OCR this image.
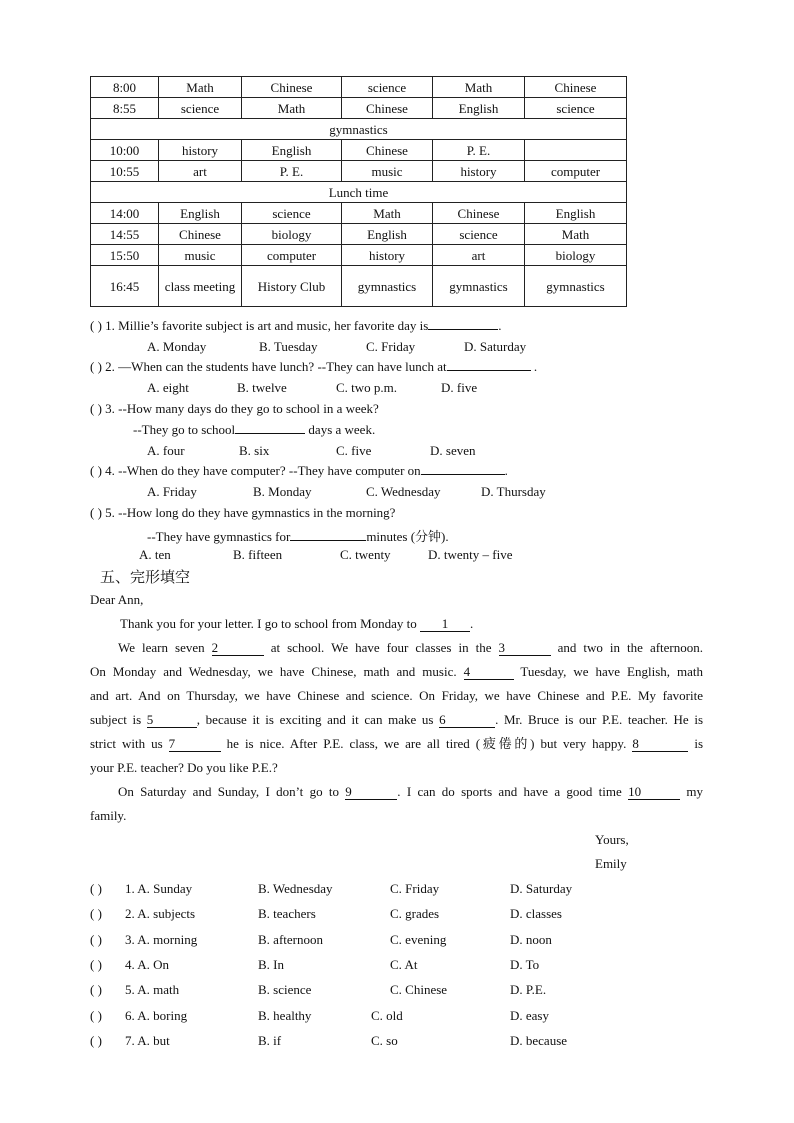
8:00	Math	Chinese	science	Math	Chinese
8:55	science	Math	Chinese	English	science
gymnastics					
10:00	history	English	Chinese	P. E.	
10:55	art	P. E.	music	history	computer
Lunch time					
14:00	English	science	Math	Chinese	English
14:55	Chinese	biology	English	science	Math
15:50	music	computer	history	art	biology
16:45	class meeting	History Club	gymnastics	gymnastics	gymnastics
( ) 1. Millie’s favorite subject is art and music, her favorite day is	.
A. Monday	B. Tuesday	C. Friday	D. Saturday
( ) 2. —When can the students have lunch? --They can have lunch at	.
A. eight	B. twelve	C. two p.m.	D. five
( ) 3. --How many days do they go to school in a week?
--They go to school	days a week.
A. four	B. six	C. five	D. seven
( ) 4. --When do they have computer? --They have computer on	.
A. Friday	B. Monday	C. Wednesday	D. Thursday
( ) 5. --How long do they have gymnastics in the morning?
--They have gymnastics for	minutes (分钟).
A. ten	B. fifteen	C. twenty	D. twenty – five
五、完形填空
Dear Ann,
Thank you for your letter. I go to school from Monday to 1 .
We learn seven 2	at school. We have four classes in the 3	and two in the afternoon.
On Monday and Wednesday, we have Chinese, math and music. 4	Tuesday, we have English, math
and art. And on Thursday, we have Chinese and science. On Friday, we have Chinese and P.E. My favorite
subject is 5	, because it is exciting and it can make us 6	. Mr. Bruce is our P.E. teacher. He is
strict with us 7	he is nice. After P.E. class, we are all tired (疲倦的) but very happy. 8	is
your P.E. teacher? Do you like P.E.?
On Saturday and Sunday, I don’t go to 9	. I can do sports and have a good time 10	my
family.
Yours,
Emily
( ) 1. A. Sunday	B. Wednesday	C. Friday	D. Saturday
( ) 2. A. subjects	B. teachers	C. grades	D. classes
( ) 3. A. morning	B. afternoon	C. evening	D. noon
( ) 4. A. On	B. In	C. At	D. To
( ) 5. A. math	B. science	C. Chinese	D. P.E.
( ) 6. A. boring	B. healthy	C. old	D. easy
( ) 7. A. but	B. if	C. so	D. because
